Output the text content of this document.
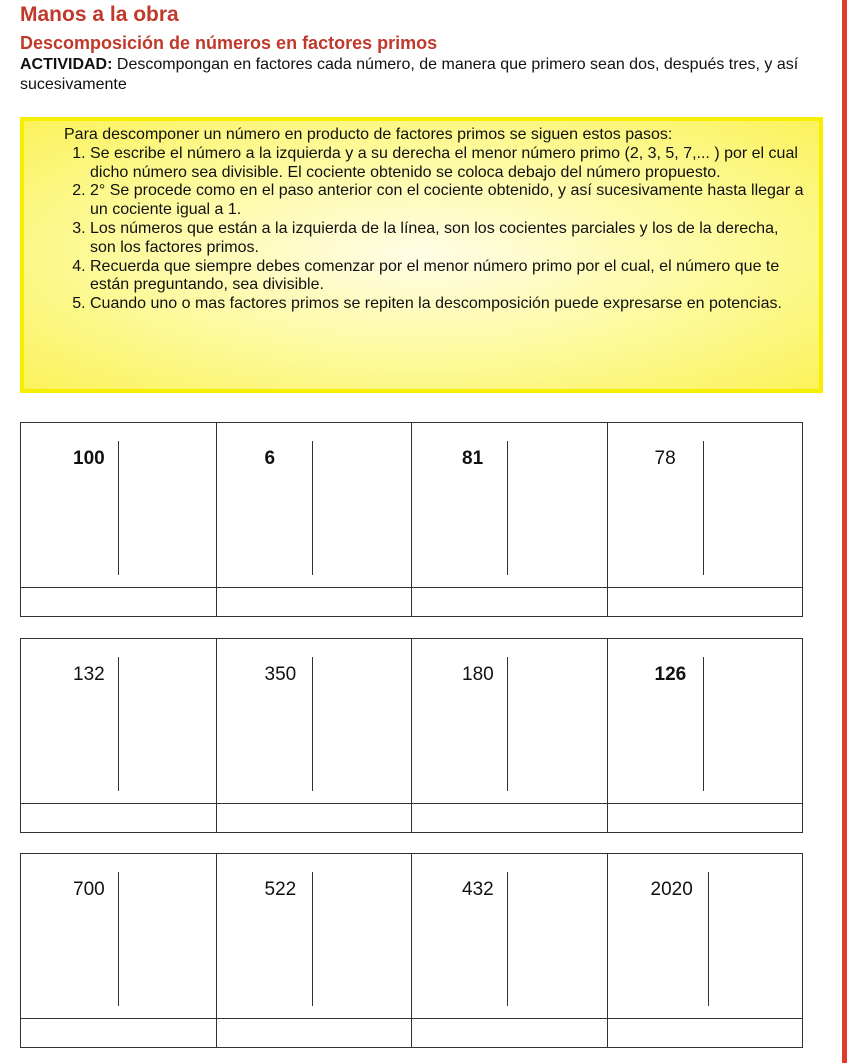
Manos a la obra
Descomposición de números en factores primos
ACTIVIDAD: Descompongan en factores cada número, de manera que primero sean dos, después tres, y así sucesivamente
Para descomponer un número en producto de factores primos se siguen estos pasos:
1. Se escribe el número a la izquierda y a su derecha el menor número primo (2, 3, 5, 7,... ) por el cual dicho número sea divisible. El cociente obtenido se coloca debajo del número propuesto.
2. 2° Se procede como en el paso anterior con el cociente obtenido, y así sucesivamente hasta llegar a un cociente igual a 1.
3. Los números que están a la izquierda de la línea, son los cocientes parciales y los de la derecha, son los factores primos.
4. Recuerda que siempre debes comenzar por el menor número primo por el cual, el número que te están preguntando, sea divisible.
5. Cuando uno o mas factores primos se repiten la descomposición puede expresarse en potencias.
100	6	81	78
132	350	180	126
700	522	432	2020
